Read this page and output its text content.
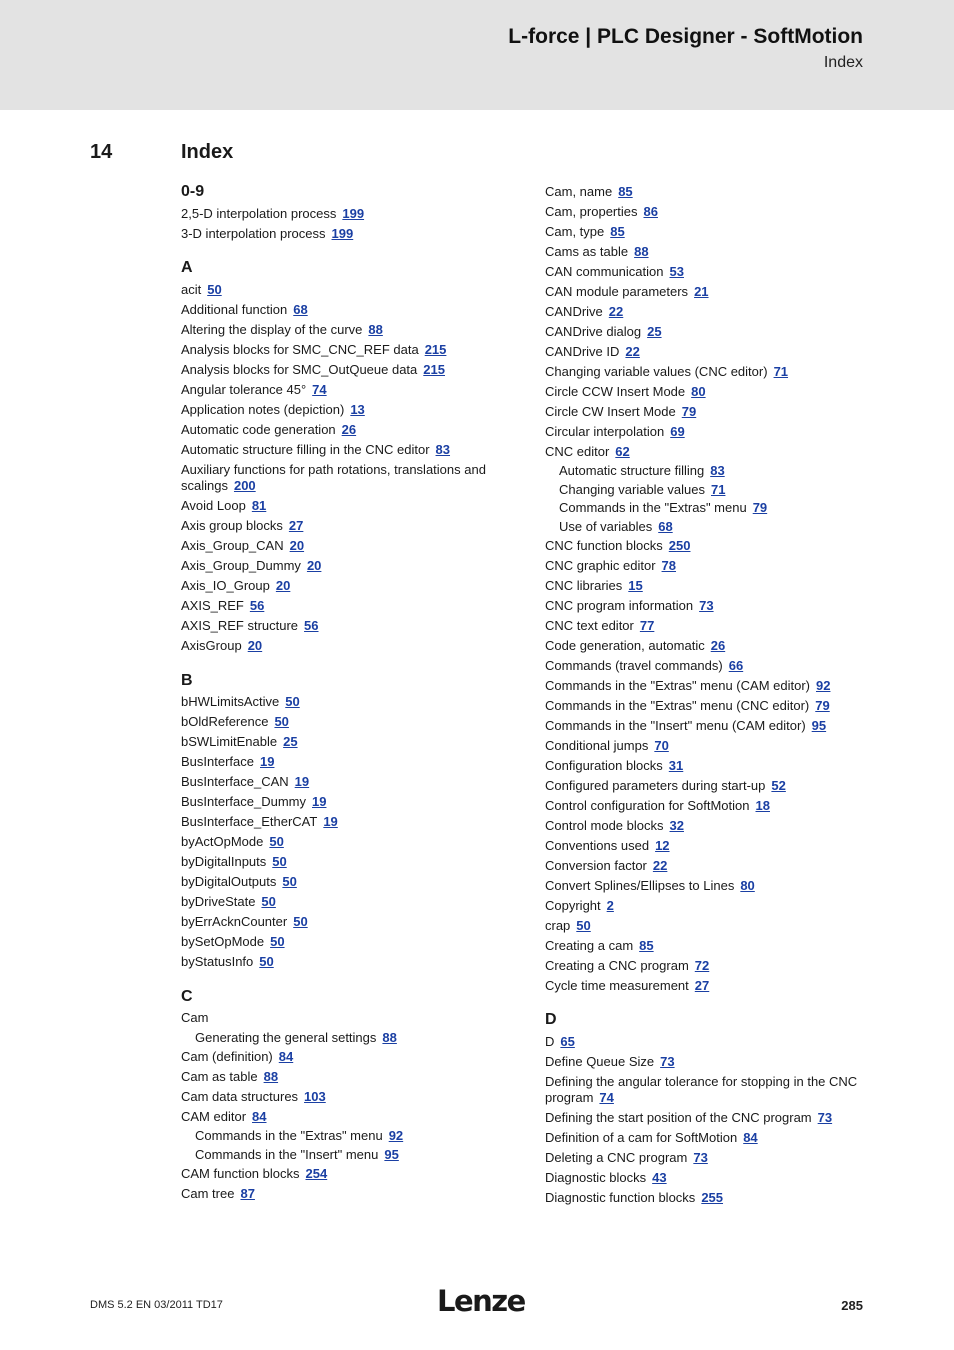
L-force | PLC Designer - SoftMotion
Index
14	Index
0-9
2,5-D interpolation process 199
3-D interpolation process 199
A
acit 50
Additional function 68
Altering the display of the curve 88
Analysis blocks for SMC_CNC_REF data 215
Analysis blocks for SMC_OutQueue data 215
Angular tolerance 45° 74
Application notes (depiction) 13
Automatic code generation 26
Automatic structure filling in the CNC editor 83
Auxiliary functions for path rotations, translations and scalings 200
Avoid Loop 81
Axis group blocks 27
Axis_Group_CAN 20
Axis_Group_Dummy 20
Axis_IO_Group 20
AXIS_REF 56
AXIS_REF structure 56
AxisGroup 20
B
bHWLimitsActive 50
bOldReference 50
bSWLimitEnable 25
BusInterface 19
BusInterface_CAN 19
BusInterface_Dummy 19
BusInterface_EtherCAT 19
byActOpMode 50
byDigitalInputs 50
byDigitalOutputs 50
byDriveState 50
byErrAcknCounter 50
bySetOpMode 50
byStatusInfo 50
C
Cam
Generating the general settings 88
Cam (definition) 84
Cam as table 88
Cam data structures 103
CAM editor 84
Commands in the "Extras" menu 92
Commands in the "Insert" menu 95
CAM function blocks 254
Cam tree 87
Cam, name 85
Cam, properties 86
Cam, type 85
Cams as table 88
CAN communication 53
CAN module parameters 21
CANDrive 22
CANDrive dialog 25
CANDrive ID 22
Changing variable values (CNC editor) 71
Circle CCW Insert Mode 80
Circle CW Insert Mode 79
Circular interpolation 69
CNC editor 62
Automatic structure filling 83
Changing variable values 71
Commands in the "Extras" menu 79
Use of variables 68
CNC function blocks 250
CNC graphic editor 78
CNC libraries 15
CNC program information 73
CNC text editor 77
Code generation, automatic 26
Commands (travel commands) 66
Commands in the "Extras" menu (CAM editor) 92
Commands in the "Extras" menu (CNC editor) 79
Commands in the "Insert" menu (CAM editor) 95
Conditional jumps 70
Configuration blocks 31
Configured parameters during start-up 52
Control configuration for SoftMotion 18
Control mode blocks 32
Conventions used 12
Conversion factor 22
Convert Splines/Ellipses to Lines 80
Copyright 2
crap 50
Creating a cam 85
Creating a CNC program 72
Cycle time measurement 27
D
D 65
Define Queue Size 73
Defining the angular tolerance for stopping in the CNC program 74
Defining the start position of the CNC program 73
Definition of a cam for SoftMotion 84
Deleting a CNC program 73
Diagnostic blocks 43
Diagnostic function blocks 255
DMS 5.2 EN 03/2011 TD17	Lenze	285
